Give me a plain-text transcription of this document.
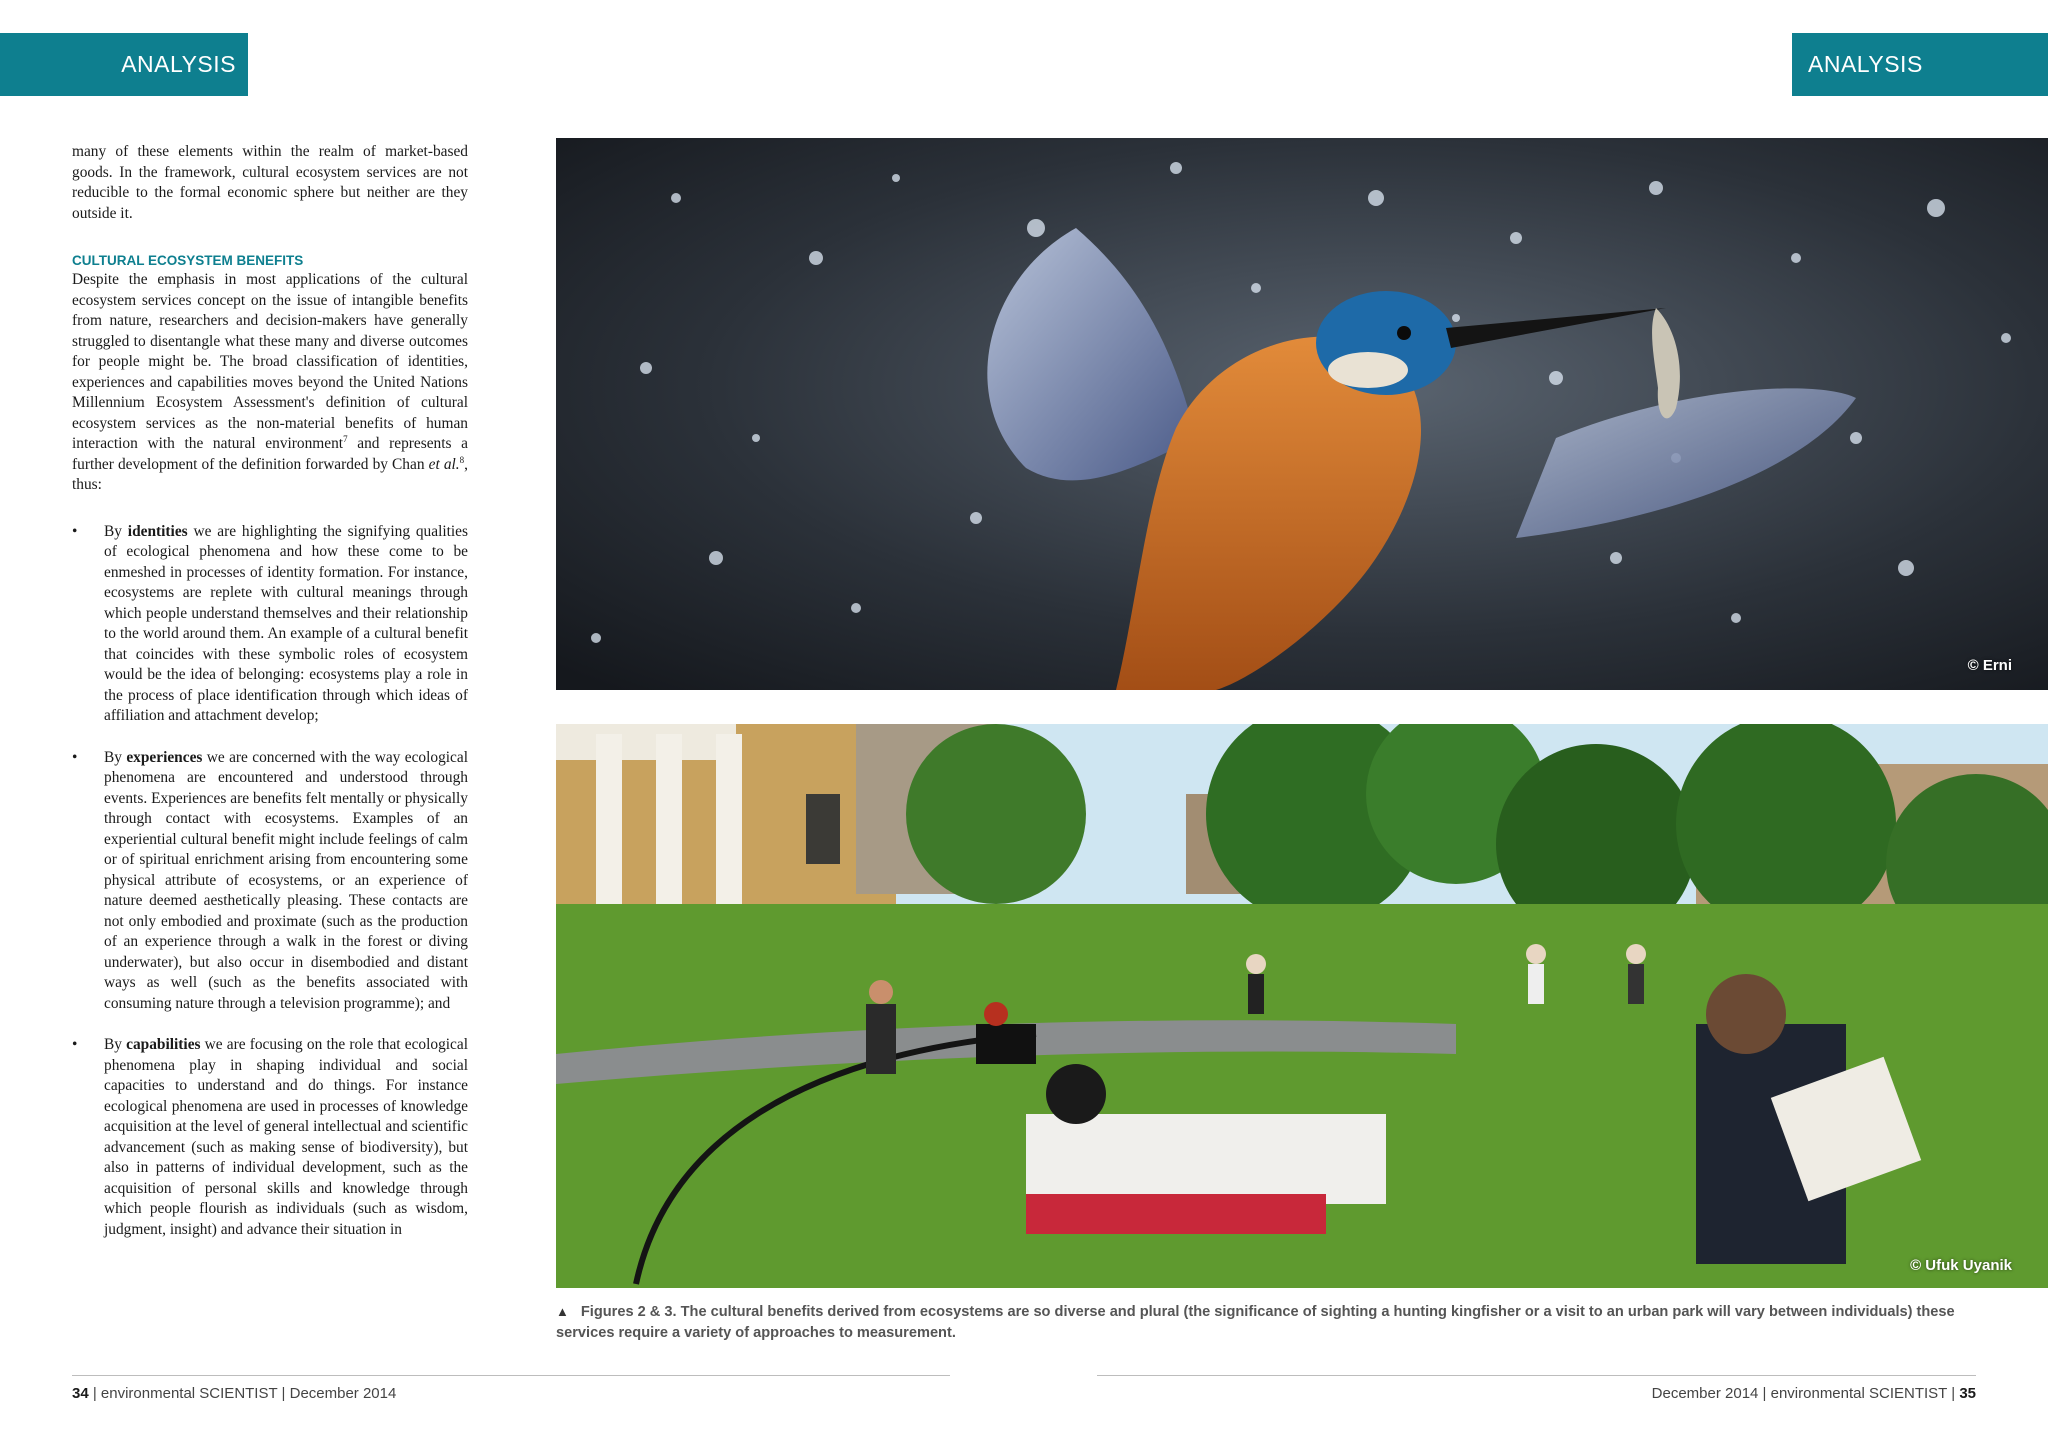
ANALYSIS	ANALYSIS

many of these elements within the realm of market-based goods. In the framework, cultural ecosystem services are not reducible to the formal economic sphere but neither are they outside it.

CULTURAL ECOSYSTEM BENEFITS

Despite the emphasis in most applications of the cultural ecosystem services concept on the issue of intangible benefits from nature, researchers and decision-makers have generally struggled to disentangle what these many and diverse outcomes for people might be. The broad classification of identities, experiences and capabilities moves beyond the United Nations Millennium Ecosystem Assessment's definition of cultural ecosystem services as the non-material benefits of human interaction with the natural environment$^7$ and represents a further development of the definition forwarded by Chan et al.$^8$, thus:

• By identities we are highlighting the signifying qualities of ecological phenomena and how these come to be enmeshed in processes of identity formation. For instance, ecosystems are replete with cultural meanings through which people understand themselves and their relationship to the world around them. An example of a cultural benefit that coincides with these symbolic roles of ecosystem would be the idea of belonging: ecosystems play a role in the process of place identification through which ideas of affiliation and attachment develop;
• By experiences we are concerned with the way ecological phenomena are encountered and understood through events. Experiences are benefits felt mentally or physically through contact with ecosystems. Examples of an experiential cultural benefit might include feelings of calm or of spiritual enrichment arising from encountering some physical attribute of ecosystems, or an experience of nature deemed aesthetically pleasing. These contacts are not only embodied and proximate (such as the production of an experience through a walk in the forest or diving underwater), but also occur in disembodied and distant ways as well (such as the benefits associated with consuming nature through a television programme); and
• By capabilities we are focusing on the role that ecological phenomena play in shaping individual and social capacities to understand and do things. For instance ecological phenomena are used in processes of knowledge acquisition at the level of general intellectual and scientific advancement (such as making sense of biodiversity), but also in patterns of individual development, such as the acquisition of personal skills and knowledge through which people flourish as individuals (such as wisdom, judgment, insight) and advance their situation in
© Erni
© Ufuk Uyanik
▲ Figures 2 & 3. The cultural benefits derived from ecosystems are so diverse and plural (the significance of sighting a hunting kingfisher or a visit to an urban park will vary between individuals) these services require a variety of approaches to measurement.
34 | environmental SCIENTIST | December 2014	December 2014 | environmental SCIENTIST | 35
